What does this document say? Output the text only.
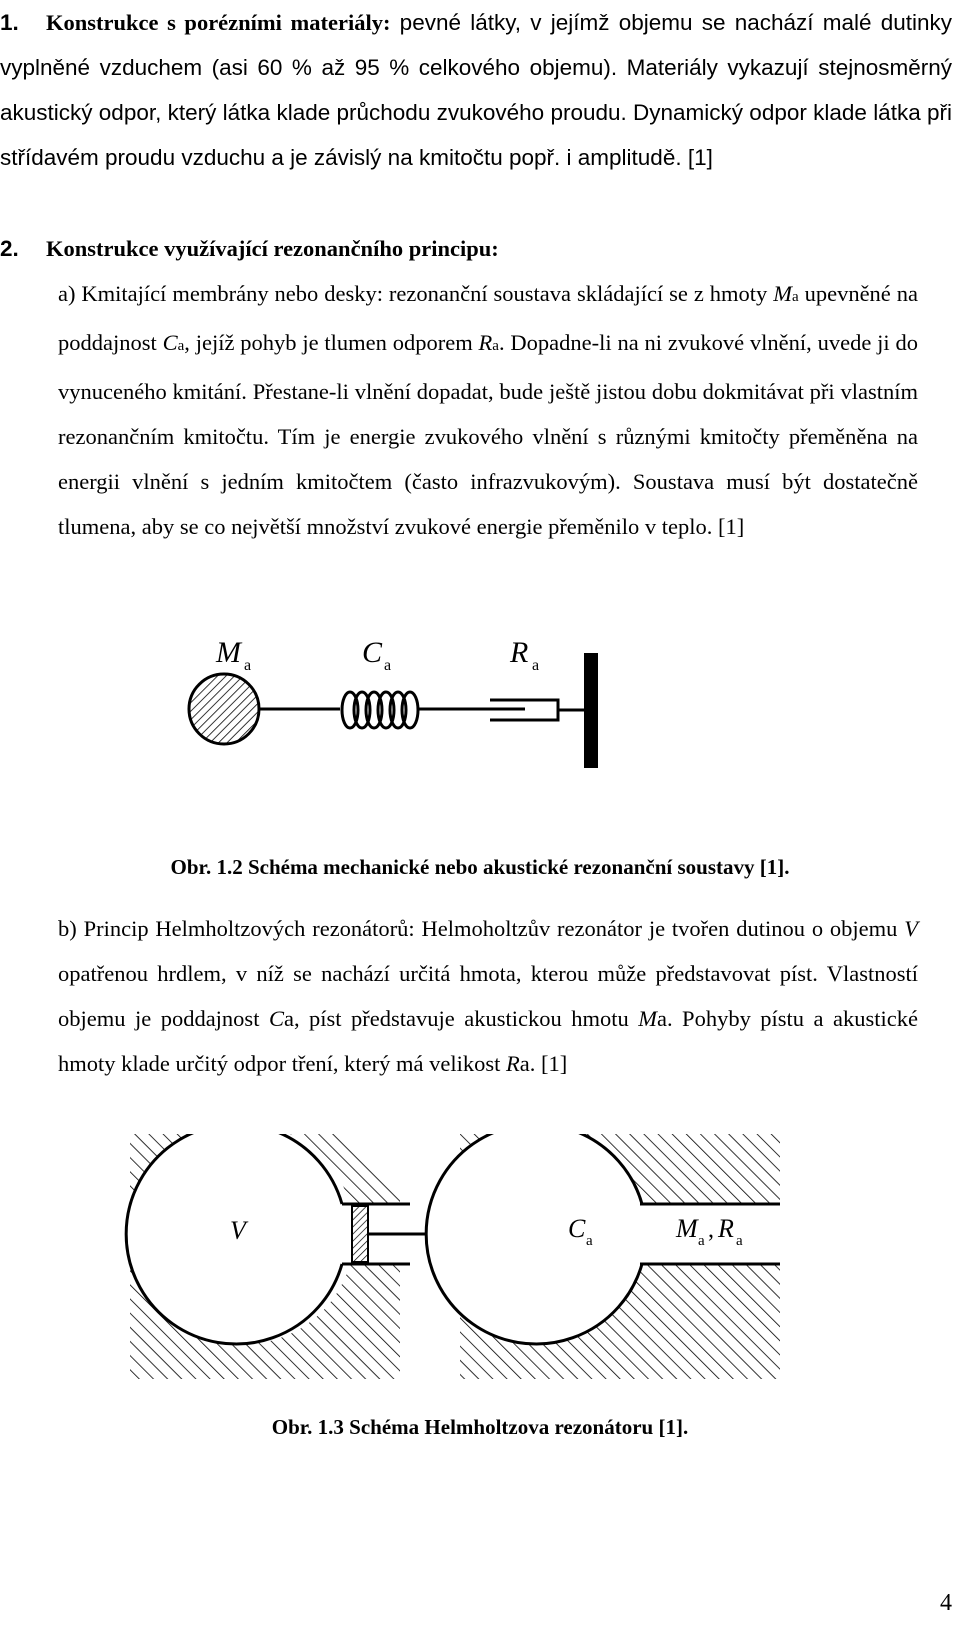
1. Konstrukce s porézními materiály: pevné látky, v jejímž objemu se nachází malé dutinky vyplněné vzduchem (asi 60 % až 95 % celkového objemu). Materiály vykazují stejnosměrný akustický odpor, který látka klade průchodu zvukového proudu. Dynamický odpor klade látka při střídavém proudu vzduchu a je závislý na kmitočtu popř. i amplitudě. [1]

2. Konstrukce využívající rezonančního principu:

a) Kmitající membrány nebo desky: rezonanční soustava skládající se z hmoty Ma upevněné na poddajnost Ca, jejíž pohyb je tlumen odporem Ra. Dopadne-li na ni zvukové vlnění, uvede ji do vynuceného kmitání. Přestane-li vlnění dopadat, bude ještě jistou dobu dokmitávat při vlastním rezonančním kmitočtu. Tím je energie zvukového vlnění s různými kmitočty přeměněna na energii vlnění s jedním kmitočtem (často infrazvukovým). Soustava musí být dostatečně tlumena, aby se co největší množství zvukové energie přeměnilo v teplo. [1]

M a	C a	R a

Obr. 1.2 Schéma mechanické nebo akustické rezonanční soustavy [1].

b) Princip Helmholtzových rezonátorů: Helmoholtzův rezonátor je tvořen dutinou o objemu V opatřenou hrdlem, v níž se nachází určitá hmota, kterou může představovat píst. Vlastností objemu je poddajnost Ca, píst představuje akustickou hmotu Ma. Pohyby pístu a akustické hmoty klade určitý odpor tření, který má velikost Ra. [1]

V	C a	M a , R a

Obr. 1.3 Schéma Helmholtzova rezonátoru [1].

4
